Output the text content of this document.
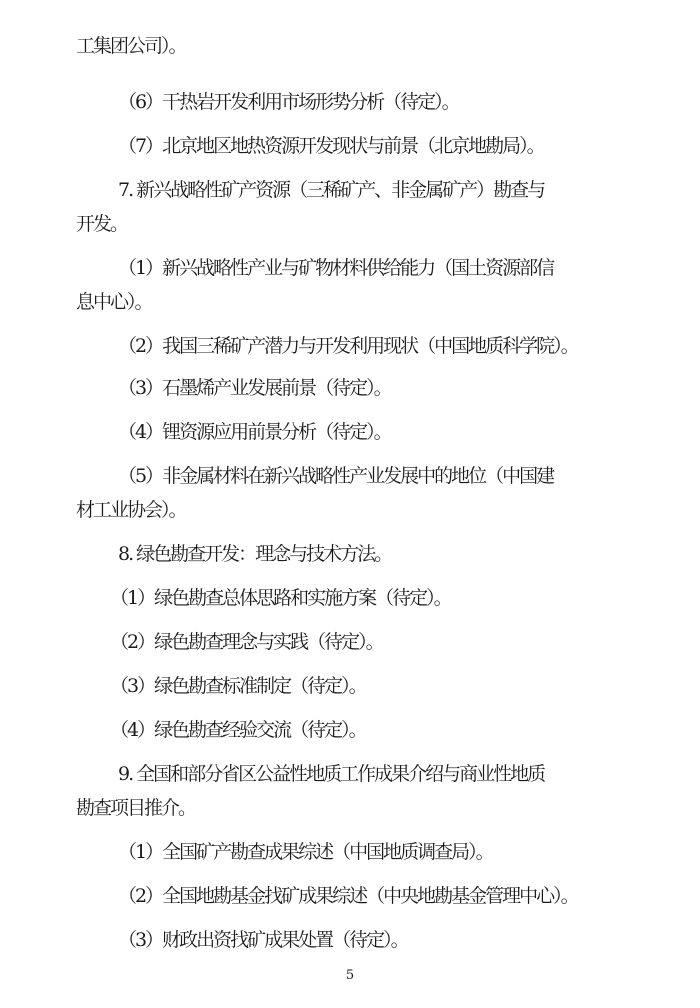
工集团公司）。
（6）干热岩开发利用市场形势分析（待定）。
（7）北京地区地热资源开发现状与前景（北京地勘局）。
7. 新兴战略性矿产资源（三稀矿产、非金属矿产）勘查与
开发。
（1）新兴战略性产业与矿物材料供给能力（国土资源部信
息中心）。
（2）我国三稀矿产潜力与开发利用现状（中国地质科学院）。
（3）石墨烯产业发展前景（待定）。
（4）锂资源应用前景分析（待定）。
（5）非金属材料在新兴战略性产业发展中的地位（中国建
材工业协会）。
8. 绿色勘查开发：理念与技术方法。
（1）绿色勘查总体思路和实施方案（待定）。
（2）绿色勘查理念与实践（待定）。
（3）绿色勘查标准制定（待定）。
（4）绿色勘查经验交流（待定）。
9. 全国和部分省区公益性地质工作成果介绍与商业性地质
勘查项目推介。
（1）全国矿产勘查成果综述（中国地质调查局）。
（2）全国地勘基金找矿成果综述（中央地勘基金管理中心）。
（3）财政出资找矿成果处置（待定）。
5
